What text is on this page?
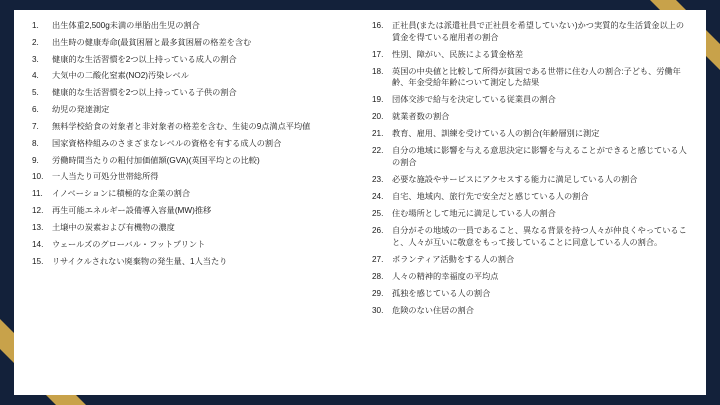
1.	出生体重2,500g未満の単胎出生児の割合
2.	出生時の健康寿命(最貧困層と最多貧困層の格差を含む
3.	健康的な生活習慣を2つ以上持っている成人の割合
4.	大気中の二酸化窒素(NO2)汚染レベル
5.	健康的な生活習慣を2つ以上持っている子供の割合
6.	幼児の発達測定
7.	無料学校給食の対象者と非対象者の格差を含む、生徒の9点満点平均値
8.	国家資格枠組みのさまざまなレベルの資格を有する成人の割合
9.	労働時間当たりの粗付加価値額(GVA)(英国平均との比較)
10.	一人当たり可処分世帯総所得
11.	イノベーションに積極的な企業の割合
12.	再生可能エネルギー設備導入容量(MW)推移
13.	土壌中の炭素および有機物の濃度
14.	ウェールズのグローバル・フットプリント
15.	リサイクルされない廃棄物の発生量、1人当たり
16.	正社員(または派遣社員で正社員を希望していない)かつ実質的な生活賃金以上の賃金を得ている雇用者の割合
17.	性別、障がい、民族による賃金格差
18.	英国の中央値と比較して所得が貧困である世帯に住む人の割合:子ども、労働年齢、年金受給年齢について測定した結果
19.	団体交渉で給与を決定している従業員の割合
20.	就業者数の割合
21.	教育、雇用、訓練を受けている人の割合(年齢層別に測定
22.	自分の地域に影響を与える意思決定に影響を与えることができると感じている人の割合
23.	必要な施設やサービスにアクセスする能力に満足している人の割合
24.	自宅、地域内、旅行先で安全だと感じている人の割合
25.	住む場所として地元に満足している人の割合
26.	自分がその地域の一員であること、異なる背景を持つ人々が仲良くやっていること、人々が互いに敬意をもって接していることに同意している人の割合。
27.	ボランティア活動をする人の割合
28.	人々の精神的幸福度の平均点
29.	孤独を感じている人の割合
30.	危険のない住居の割合
